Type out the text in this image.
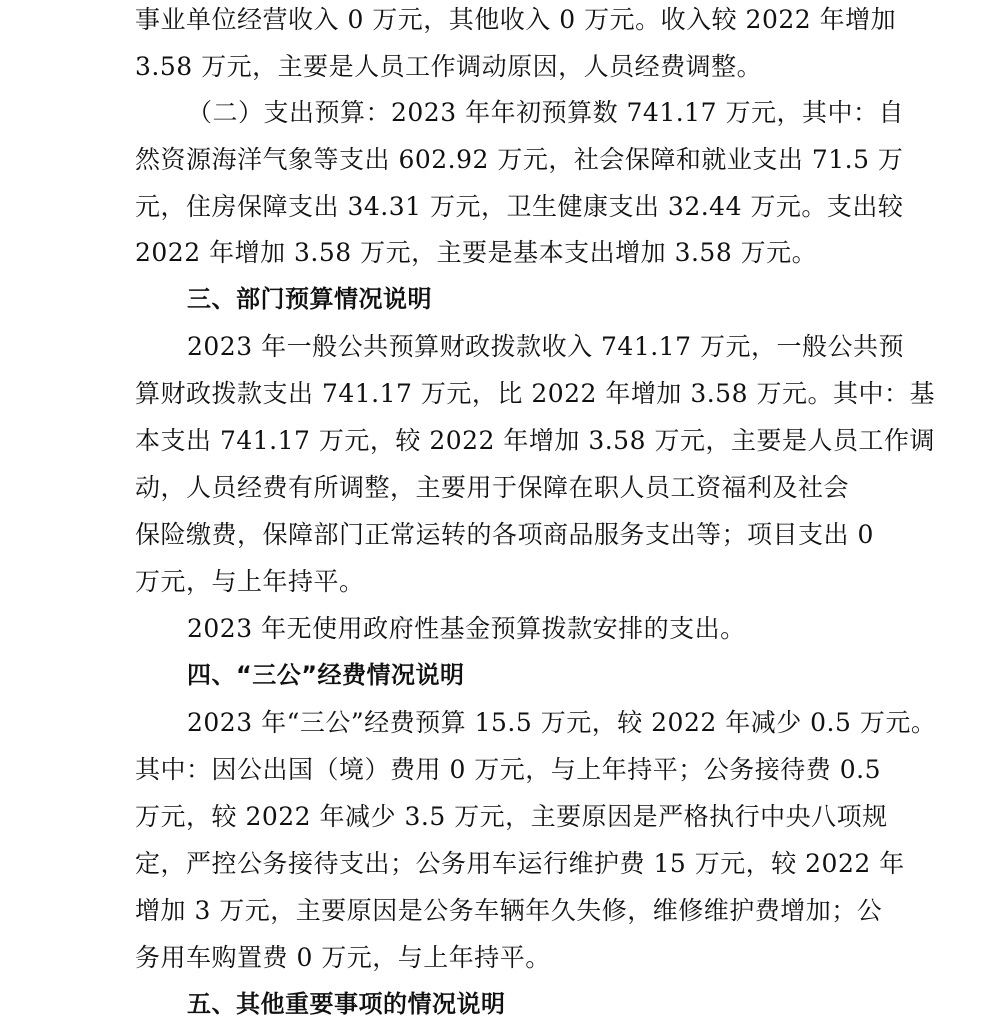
事业单位经营收入 0 万元，其他收入 0 万元。收入较 2022 年增加
3.58 万元，主要是人员工作调动原因，人员经费调整。
（二）支出预算：2023 年年初预算数 741.17 万元，其中：自
然资源海洋气象等支出 602.92 万元，社会保障和就业支出 71.5 万
元，住房保障支出 34.31 万元，卫生健康支出 32.44 万元。支出较
2022 年增加 3.58 万元，主要是基本支出增加 3.58 万元。
三、部门预算情况说明
2023 年一般公共预算财政拨款收入 741.17 万元，一般公共预
算财政拨款支出 741.17 万元，比 2022 年增加 3.58 万元。其中：基
本支出 741.17 万元，较 2022 年增加 3.58 万元，主要是人员工作调
动，人员经费有所调整，主要用于保障在职人员工资福利及社会
保险缴费，保障部门正常运转的各项商品服务支出等；项目支出 0
万元，与上年持平。
2023 年无使用政府性基金预算拨款安排的支出。
四、“三公”经费情况说明
2023 年“三公”经费预算 15.5 万元，较 2022 年减少 0.5 万元。
其中：因公出国（境）费用 0 万元，与上年持平；公务接待费 0.5
万元，较 2022 年减少 3.5 万元，主要原因是严格执行中央八项规
定，严控公务接待支出；公务用车运行维护费 15 万元，较 2022 年
增加 3 万元，主要原因是公务车辆年久失修，维修维护费增加；公
务用车购置费 0 万元，与上年持平。
五、其他重要事项的情况说明
